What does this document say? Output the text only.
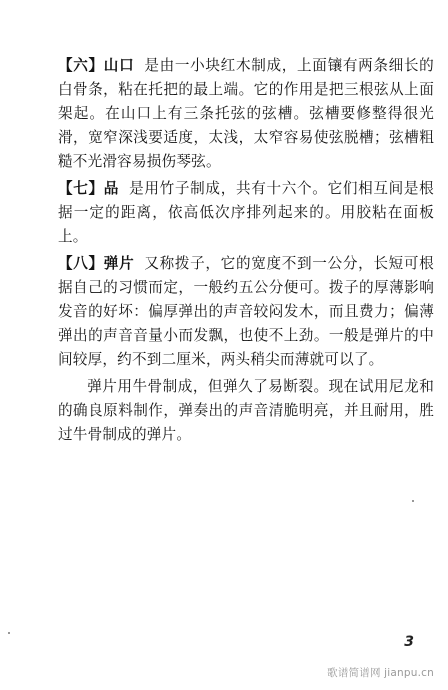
【六】山口 是由一小块红木制成，上面镶有两条细长的白骨条，粘在托把的最上端。它的作用是把三根弦从上面架起。在山口上有三条托弦的弦槽。弦槽要修整得很光滑，宽窄深浅要适度，太浅，太窄容易使弦脱槽；弦槽粗糙不光滑容易损伤琴弦。

【七】品 是用竹子制成，共有十六个。它们相互间是根据一定的距离，依高低次序排列起来的。用胶粘在面板上。

【八】弹片 又称拨子，它的宽度不到一公分，长短可根据自己的习惯而定，一般约五公分便可。拨子的厚薄影响发音的好坏：偏厚弹出的声音较闷发木，而且费力；偏薄弹出的声音音量小而发飘，也使不上劲。一般是弹片的中间较厚，约不到二厘米，两头稍尖而薄就可以了。

弹片用牛骨制成，但弹久了易断裂。现在试用尼龙和的确良原料制作，弹奏出的声音清脆明亮，并且耐用，胜过牛骨制成的弹片。

3
歌谱简谱网 jianpu.cn
